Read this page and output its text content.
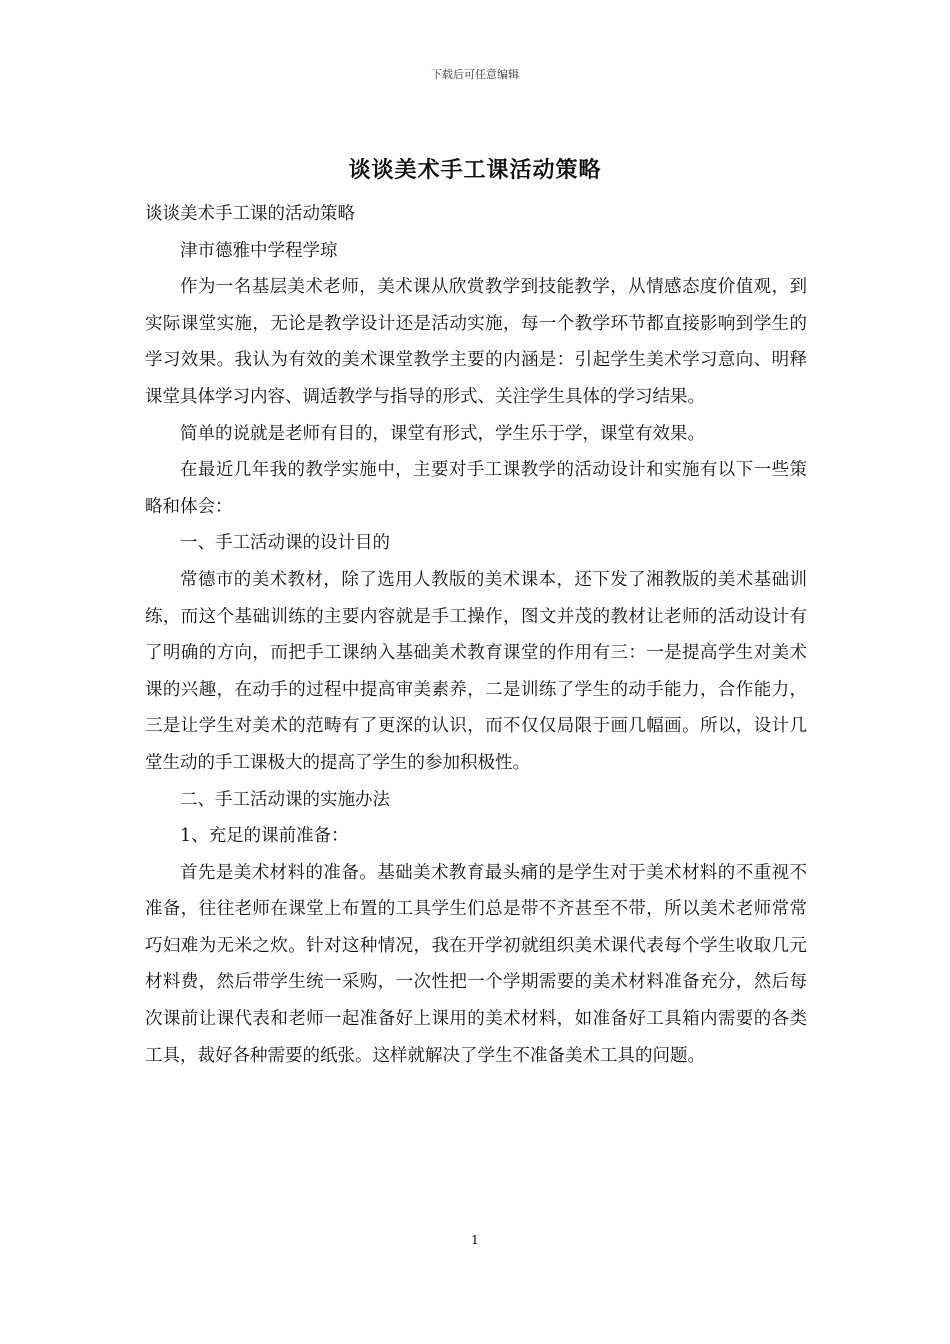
下载后可任意编辑
谈谈美术手工课活动策略

谈谈美术手工课的活动策略

津市德雅中学程学琼

作为一名基层美术老师，美术课从欣赏教学到技能教学，从情感态度价值观，到实际课堂实施，无论是教学设计还是活动实施，每一个教学环节都直接影响到学生的学习效果。我认为有效的美术课堂教学主要的内涵是：引起学生美术学习意向、明释课堂具体学习内容、调适教学与指导的形式、关注学生具体的学习结果。

简单的说就是老师有目的，课堂有形式，学生乐于学，课堂有效果。

在最近几年我的教学实施中，主要对手工课教学的活动设计和实施有以下一些策略和体会：

一、手工活动课的设计目的

常德市的美术教材，除了选用人教版的美术课本，还下发了湘教版的美术基础训练，而这个基础训练的主要内容就是手工操作，图文并茂的教材让老师的活动设计有了明确的方向，而把手工课纳入基础美术教育课堂的作用有三：一是提高学生对美术课的兴趣，在动手的过程中提高审美素养，二是训练了学生的动手能力，合作能力，三是让学生对美术的范畴有了更深的认识，而不仅仅局限于画几幅画。所以，设计几堂生动的手工课极大的提高了学生的参加积极性。

二、手工活动课的实施办法

1、充足的课前准备：

首先是美术材料的准备。基础美术教育最头痛的是学生对于美术材料的不重视不准备，往往老师在课堂上布置的工具学生们总是带不齐甚至不带，所以美术老师常常巧妇难为无米之炊。针对这种情况，我在开学初就组织美术课代表每个学生收取几元材料费，然后带学生统一采购，一次性把一个学期需要的美术材料准备充分，然后每次课前让课代表和老师一起准备好上课用的美术材料，如准备好工具箱内需要的各类工具，裁好各种需要的纸张。这样就解决了学生不准备美术工具的问题。

1
